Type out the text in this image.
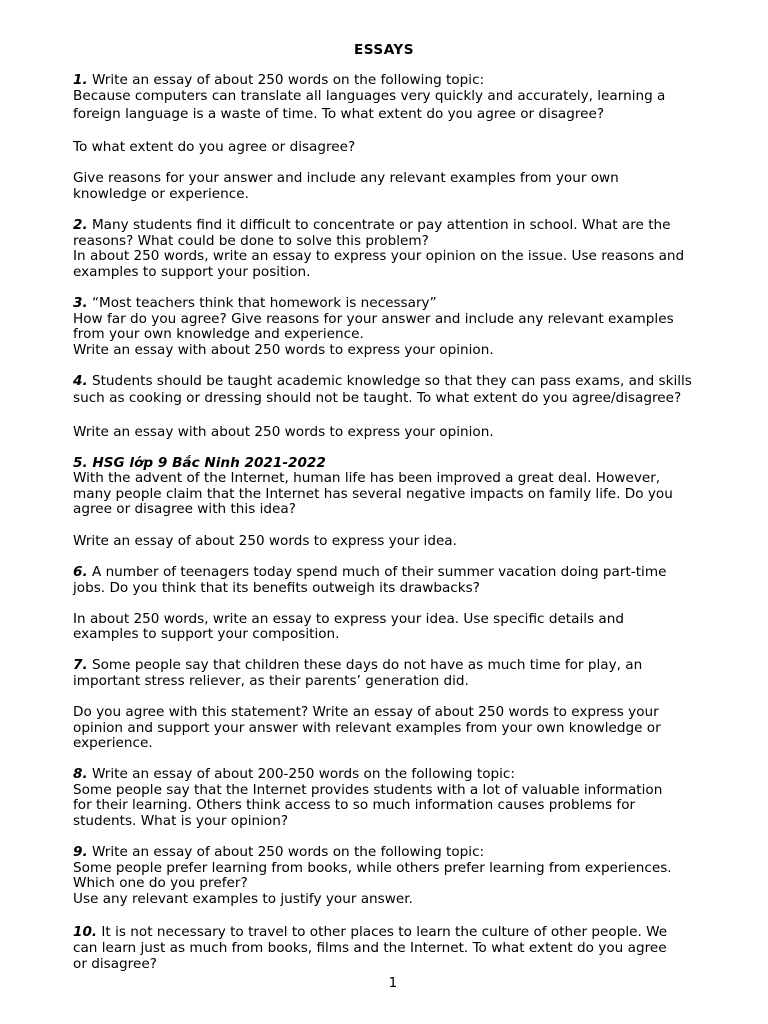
ESSAYS
1. Write an essay of about 250 words on the following topic:
Because computers can translate all languages very quickly and accurately, learning a
foreign language is a waste of time. To what extent do you agree or disagree?
To what extent do you agree or disagree?
Give reasons for your answer and include any relevant examples from your own
knowledge or experience.
2. Many students find it difficult to concentrate or pay attention in school. What are the
reasons? What could be done to solve this problem?
In about 250 words, write an essay to express your opinion on the issue. Use reasons and
examples to support your position.
3. “Most teachers think that homework is necessary”
How far do you agree? Give reasons for your answer and include any relevant examples
from your own knowledge and experience.
Write an essay with about 250 words to express your opinion.
4. Students should be taught academic knowledge so that they can pass exams, and skills
such as cooking or dressing should not be taught. To what extent do you agree/disagree?
Write an essay with about 250 words to express your opinion.
5. HSG lớp 9 Bắc Ninh 2021-2022
With the advent of the Internet, human life has been improved a great deal. However,
many people claim that the Internet has several negative impacts on family life. Do you
agree or disagree with this idea?
Write an essay of about 250 words to express your idea.
6. A number of teenagers today spend much of their summer vacation doing part-time
jobs. Do you think that its benefits outweigh its drawbacks?
In about 250 words, write an essay to express your idea. Use specific details and
examples to support your composition.
7. Some people say that children these days do not have as much time for play, an
important stress reliever, as their parents’ generation did.
Do you agree with this statement? Write an essay of about 250 words to express your
opinion and support your answer with relevant examples from your own knowledge or
experience.
8. Write an essay of about 200-250 words on the following topic:
Some people say that the Internet provides students with a lot of valuable information
for their learning. Others think access to so much information causes problems for
students. What is your opinion?
9. Write an essay of about 250 words on the following topic:
Some people prefer learning from books, while others prefer learning from experiences.
Which one do you prefer?
Use any relevant examples to justify your answer.
10. It is not necessary to travel to other places to learn the culture of other people. We
can learn just as much from books, films and the Internet. To what extent do you agree
or disagree?
1
